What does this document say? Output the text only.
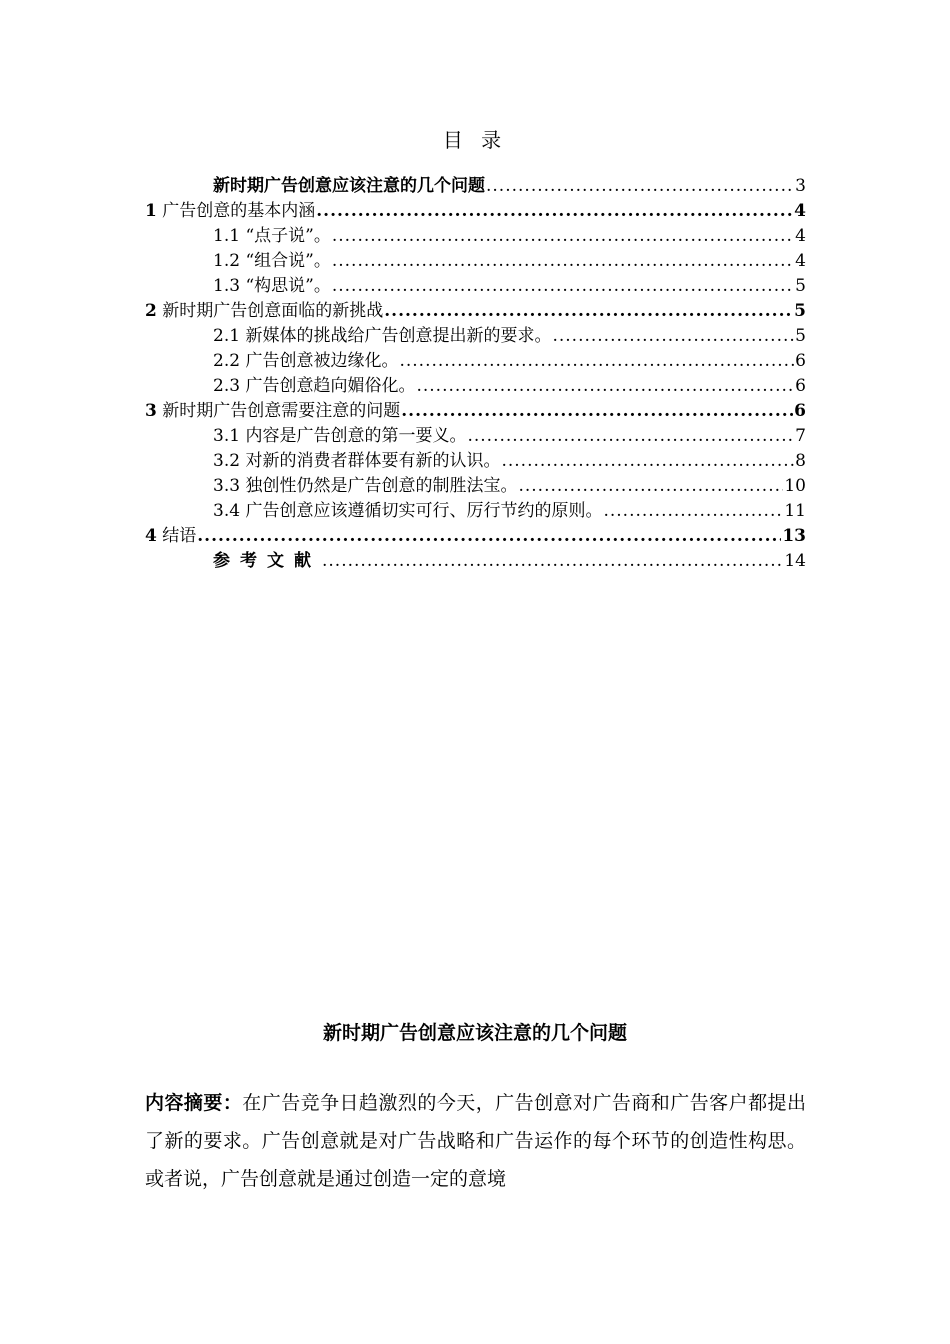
目 录
新时期广告创意应该注意的几个问题 .....	3
1 广告创意的基本内涵 .....	4
1.1 “点子说”。 .....	4
1.2 “组合说”。 .....	4
1.3 “构思说”。 .....	5
2 新时期广告创意面临的新挑战 .....	5
2.1 新媒体的挑战给广告创意提出新的要求。 .....	5
2.2 广告创意被边缘化。 .....	6
2.3 广告创意趋向媚俗化。 .....	6
3 新时期广告创意需要注意的问题 .....	6
3.1 内容是广告创意的第一要义。 .....	7
3.2 对新的消费者群体要有新的认识。 .....	8
3.3 独创性仍然是广告创意的制胜法宝。 .....	10
3.4 广告创意应该遵循切实可行、厉行节约的原则。 .....	11
4 结语 .....	13
参考文献 .....	14
新时期广告创意应该注意的几个问题
内容摘要：在广告竞争日趋激烈的今天，广告创意对广告商和广告客户都提出了新的要求。广告创意就是对广告战略和广告运作的每个环节的创造性构思。或者说，广告创意就是通过创造一定的意境
